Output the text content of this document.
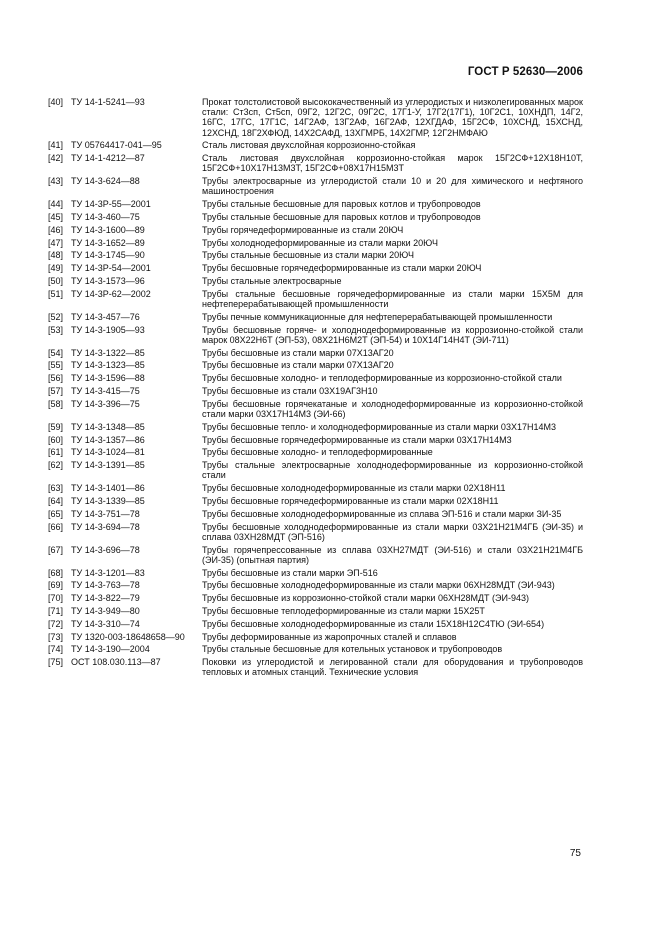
ГОСТ Р 52630—2006
[40] ТУ 14-1-5241—93	Прокат толстолистовой высококачественный из углеродистых и низколегированных марок стали: Ст3сп, Ст5сп, 09Г2, 12Г2С, 09Г2С, 17Г1-У, 17Г2(17Г1), 10Г2С1, 10ХНДП, 14Г2, 16ГС, 17ГС, 17Г1С, 14Г2АФ, 13Г2АФ, 16Г2АФ, 12ХГДАФ, 15Г2СФ, 10ХСНД, 15ХСНД, 12ХСНД, 18Г2ХФЮД, 14Х2САФД, 13ХГМРБ, 14Х2ГМР, 12Г2НМФАЮ
[41] ТУ 05764417-041—95	Сталь листовая двухслойная коррозионно-стойкая
[42] ТУ 14-1-4212—87	Сталь листовая двухслойная коррозионно-стойкая марок 15Г2СФ+12Х18Н10Т, 15Г2СФ+10Х17Н13М3Т, 15Г2СФ+08Х17Н15М3Т
[43] ТУ 14-3-624—88	Трубы электросварные из углеродистой стали 10 и 20 для химического и нефтяного машиностроения
[44] ТУ 14-3Р-55—2001	Трубы стальные бесшовные для паровых котлов и трубопроводов
[45] ТУ 14-3-460—75	Трубы стальные бесшовные для паровых котлов и трубопроводов
[46] ТУ 14-3-1600—89	Трубы горячедеформированные из стали 20ЮЧ
[47] ТУ 14-3-1652—89	Трубы холоднодеформированные из стали марки 20ЮЧ
[48] ТУ 14-3-1745—90	Трубы стальные бесшовные из стали марки 20ЮЧ
[49] ТУ 14-3Р-54—2001	Трубы бесшовные горячедеформированные из стали марки 20ЮЧ
[50] ТУ 14-3-1573—96	Трубы стальные электросварные
[51] ТУ 14-3Р-62—2002	Трубы стальные бесшовные горячедеформированные из стали марки 15Х5М для нефтеперерабатывающей промышленности
[52] ТУ 14-3-457—76	Трубы печные коммуникационные для нефтеперерабатывающей промышленности
[53] ТУ 14-3-1905—93	Трубы бесшовные горяче- и холоднодеформированные из коррозионно-стойкой стали марок 08Х22Н6Т (ЭП-53), 08Х21Н6М2Т (ЭП-54) и 10Х14Г14Н4Т (ЭИ-711)
[54] ТУ 14-3-1322—85	Трубы бесшовные из стали марки 07Х13АГ20
[55] ТУ 14-3-1323—85	Трубы бесшовные из стали марки 07Х13АГ20
[56] ТУ 14-3-1596—88	Трубы бесшовные холодно- и теплодеформированные из коррозионно-стойкой стали
[57] ТУ 14-3-415—75	Трубы бесшовные из стали 03Х19АГ3Н10
[58] ТУ 14-3-396—75	Трубы бесшовные горячекатаные и холоднодеформированные из коррозионно-стойкой стали марки 03Х17Н14М3 (ЭИ-66)
[59] ТУ 14-3-1348—85	Трубы бесшовные тепло- и холоднодеформированные из стали марки 03Х17Н14М3
[60] ТУ 14-3-1357—86	Трубы бесшовные горячедеформированные из стали марки 03Х17Н14М3
[61] ТУ 14-3-1024—81	Трубы бесшовные холодно- и теплодеформированные
[62] ТУ 14-3-1391—85	Трубы стальные электросварные холоднодеформированные из коррозионно-стойкой стали
[63] ТУ 14-3-1401—86	Трубы бесшовные холоднодеформированные из стали марки 02Х18Н11
[64] ТУ 14-3-1339—85	Трубы бесшовные горячедеформированные из стали марки 02Х18Н11
[65] ТУ 14-3-751—78	Трубы бесшовные холоднодеформированные из сплава ЭП-516 и стали марки ЗИ-35
[66] ТУ 14-3-694—78	Трубы бесшовные холоднодеформированные из стали марки 03Х21Н21М4ГБ (ЭИ-35) и сплава 03ХН28МДТ (ЭП-516)
[67] ТУ 14-3-696—78	Трубы горячепрессованные из сплава 03ХН27МДТ (ЭИ-516) и стали 03Х21Н21М4ГБ (ЭИ-35) (опытная партия)
[68] ТУ 14-3-1201—83	Трубы бесшовные из стали марки ЭП-516
[69] ТУ 14-3-763—78	Трубы бесшовные холоднодеформированные из стали марки 06ХН28МДТ (ЭИ-943)
[70] ТУ 14-3-822—79	Трубы бесшовные из коррозионно-стойкой стали марки 06ХН28МДТ (ЭИ-943)
[71] ТУ 14-3-949—80	Трубы бесшовные теплодеформированные из стали марки 15Х25Т
[72] ТУ 14-3-310—74	Трубы бесшовные холоднодеформированные из стали 15Х18Н12С4ТЮ (ЭИ-654)
[73] ТУ 1320-003-18648658—90	Трубы деформированные из жаропрочных сталей и сплавов
[74] ТУ 14-3-190—2004	Трубы стальные бесшовные для котельных установок и трубопроводов
[75] ОСТ 108.030.113—87	Поковки из углеродистой и легированной стали для оборудования и трубопроводов тепловых и атомных станций. Технические условия
75
